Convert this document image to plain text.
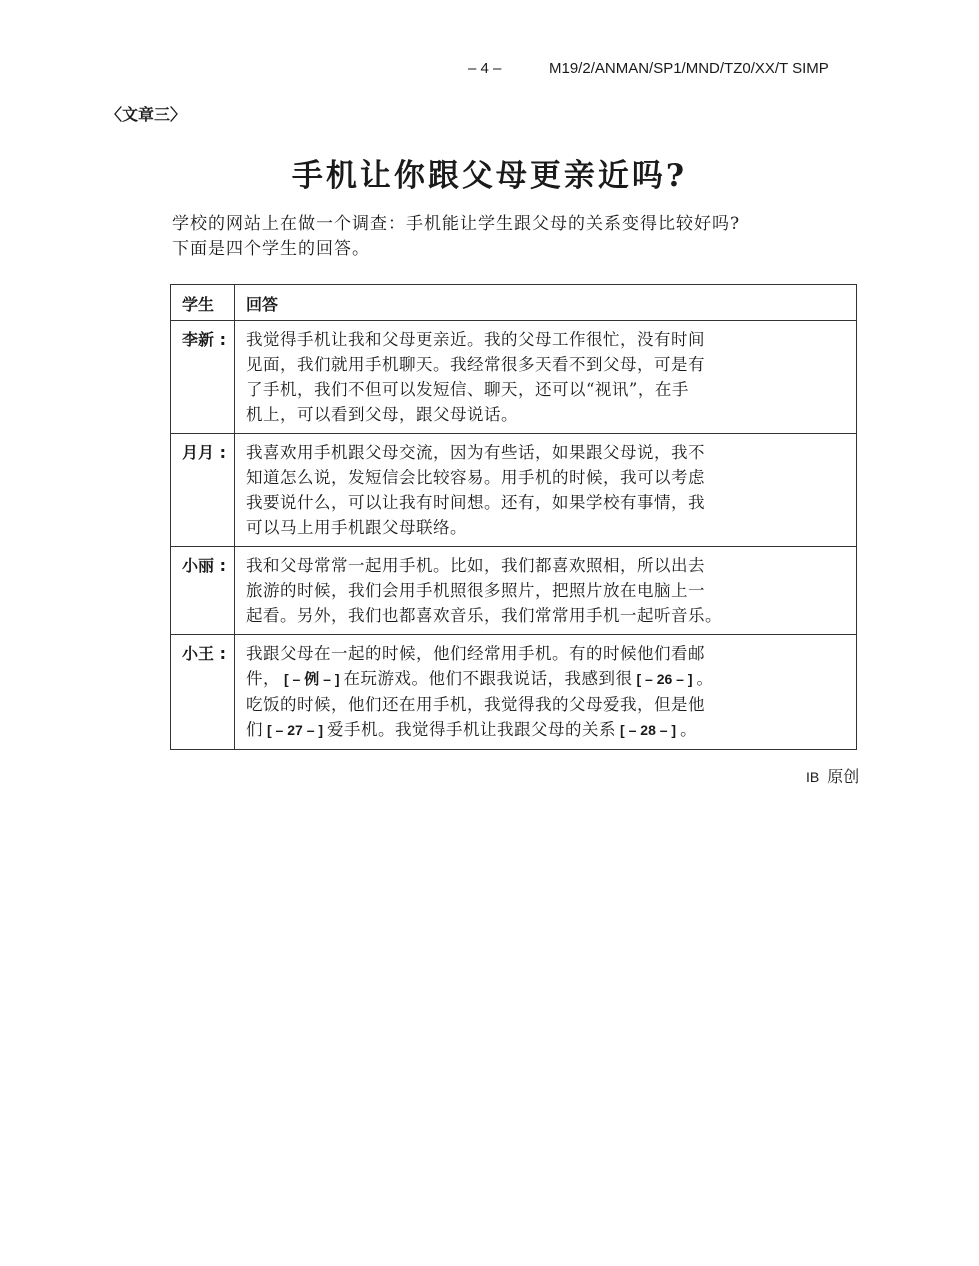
– 4 –	M19/2/ANMAN/SP1/MND/TZ0/XX/T SIMP
〈文章三〉
手机让你跟父母更亲近吗?
学校的网站上在做一个调查：手机能让学生跟父母的关系变得比较好吗?
下面是四个学生的回答。
学生	回答
李新 :	我觉得手机让我和父母更亲近。我的父母工作很忙，没有时间
见面，我们就用手机聊天。我经常很多天看不到父母，可是有
了手机，我们不但可以发短信、聊天，还可以“视讯”，在手
机上，可以看到父母，跟父母说话。

月月 :	我喜欢用手机跟父母交流，因为有些话，如果跟父母说，我不
知道怎么说，发短信会比较容易。用手机的时候，我可以考虑
我要说什么，可以让我有时间想。还有，如果学校有事情，我
可以马上用手机跟父母联络。

小丽 :	我和父母常常一起用手机。比如，我们都喜欢照相，所以出去
旅游的时候，我们会用手机照很多照片，把照片放在电脑上一
起看。另外，我们也都喜欢音乐，我们常常用手机一起听音乐。

小王 :	我跟父母在一起的时候，他们经常用手机。有的时候他们看邮
件， [ – 例 – ] 在玩游戏。他们不跟我说话，我感到很 [ – 26 – ] 。
吃饭的时候，他们还在用手机，我觉得我的父母爱我，但是他
们 [ – 27 – ] 爱手机。我觉得手机让我跟父母的关系 [ – 28 – ] 。
IB 原创
